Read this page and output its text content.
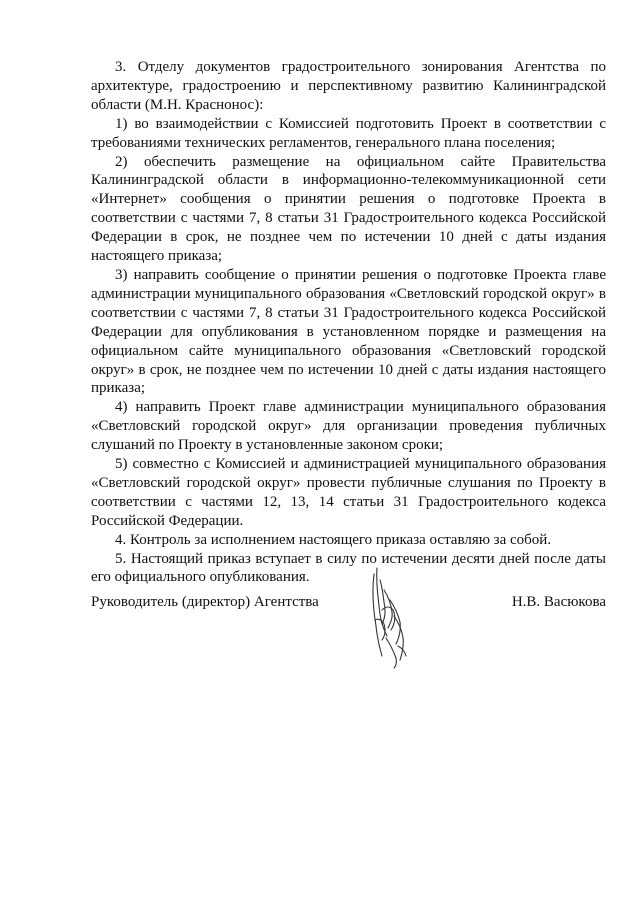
3. Отделу документов градостроительного зонирования Агентства по архитектуре, градостроению и перспективному развитию Калининградской области (М.Н. Краснонос):

1) во взаимодействии с Комиссией подготовить Проект в соответствии с требованиями технических регламентов, генерального плана поселения;

2) обеспечить размещение на официальном сайте Правительства Калининградской области в информационно-телекоммуникационной сети «Интернет» сообщения о принятии решения о подготовке Проекта в соответствии с частями 7, 8 статьи 31 Градостроительного кодекса Российской Федерации в срок, не позднее чем по истечении 10 дней с даты издания настоящего приказа;

3) направить сообщение о принятии решения о подготовке Проекта главе администрации муниципального образования «Светловский городской округ» в соответствии с частями 7, 8 статьи 31 Градостроительного кодекса Российской Федерации для опубликования в установленном порядке и размещения на официальном сайте муниципального образования «Светловский городской округ» в срок, не позднее чем по истечении 10 дней с даты издания настоящего приказа;

4) направить Проект главе администрации муниципального образования «Светловский городской округ» для организации проведения публичных слушаний по Проекту в установленные законом сроки;

5) совместно с Комиссией и администрацией муниципального образования «Светловский городской округ» провести публичные слушания по Проекту в соответствии с частями 12, 13, 14 статьи 31 Градостроительного кодекса Российской Федерации.

4. Контроль за исполнением настоящего приказа оставляю за собой.

5. Настоящий приказ вступает в силу по истечении десяти дней после даты его официального опубликования.

Руководитель (директор) Агентства	Н.В. Васюкова
